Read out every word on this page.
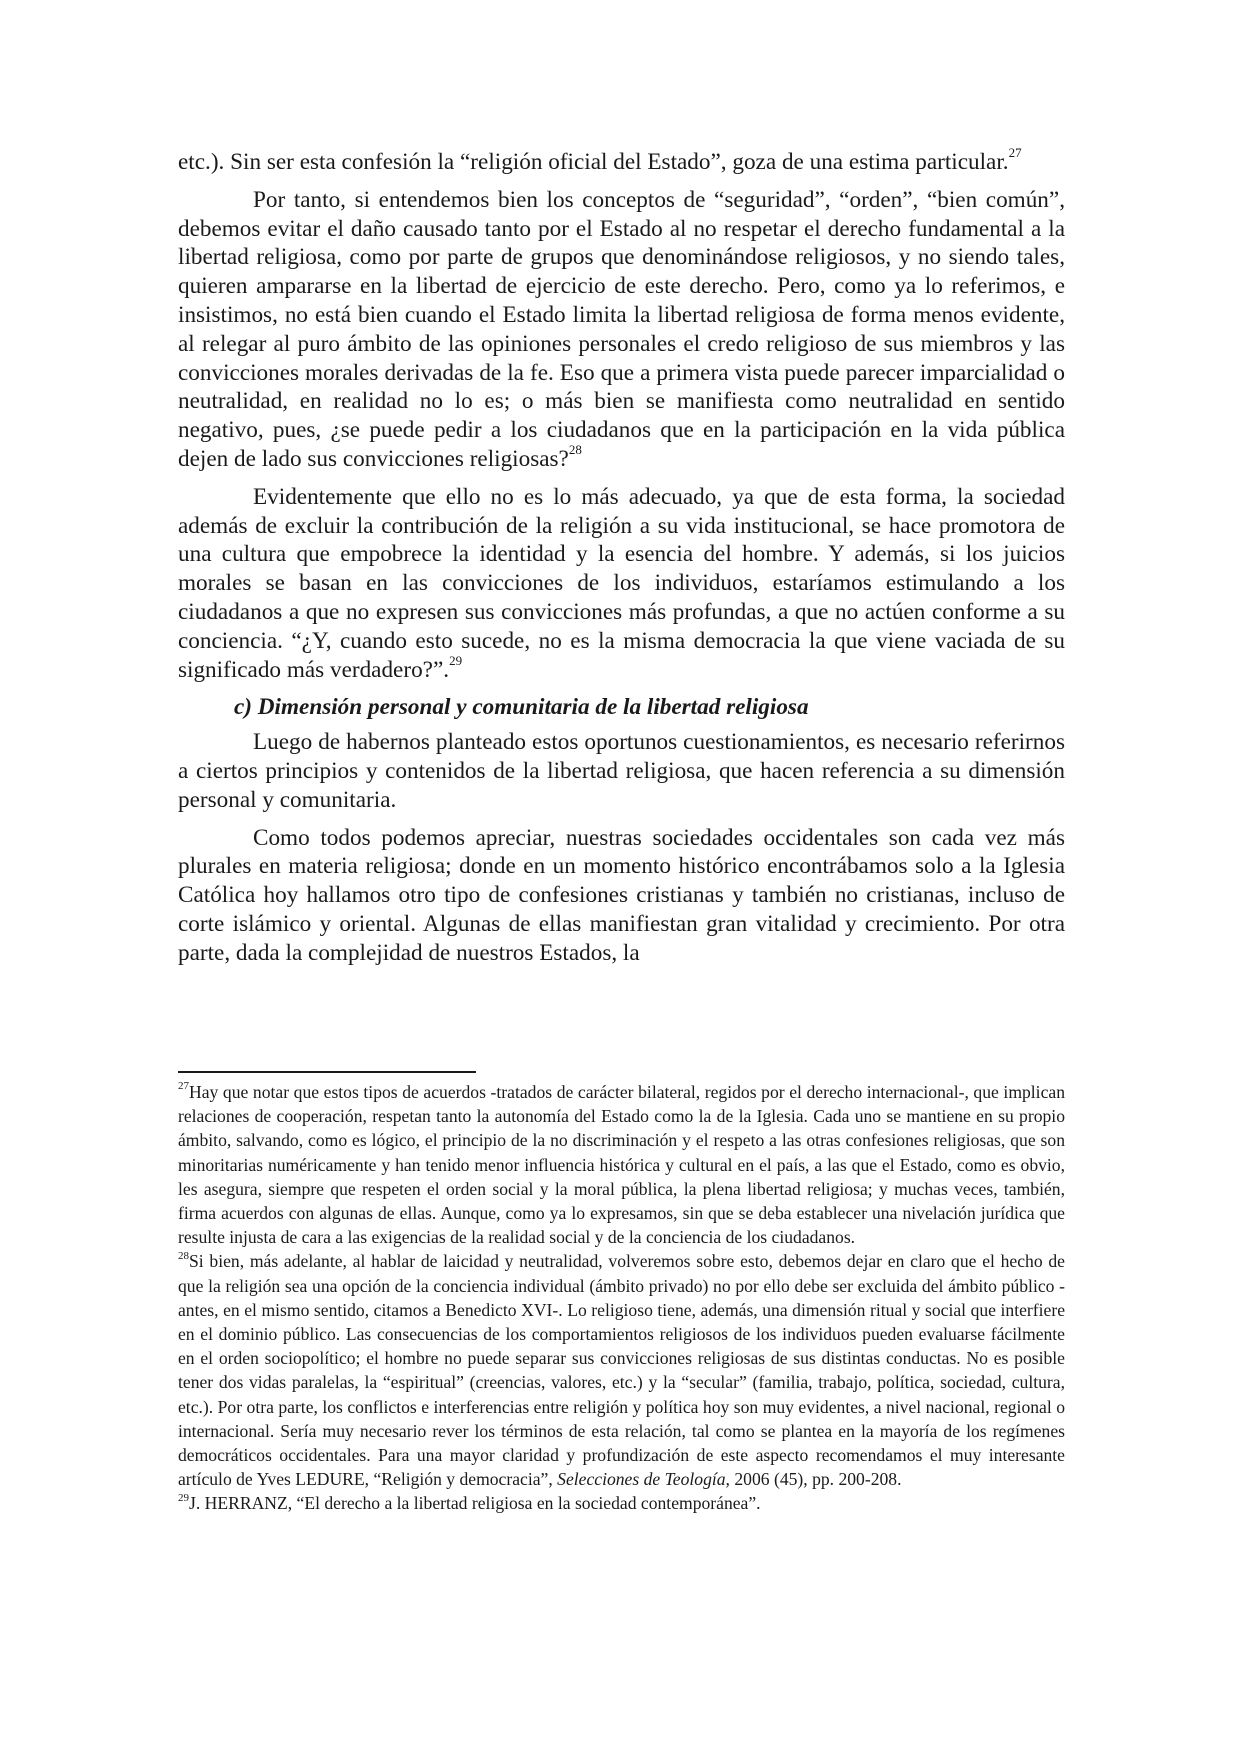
etc.). Sin ser esta confesión la “religión oficial del Estado”, goza de una estima particular.$^{27}$

Por tanto, si entendemos bien los conceptos de “seguridad”, “orden”, “bien común”, debemos evitar el daño causado tanto por el Estado al no respetar el derecho fundamental a la libertad religiosa, como por parte de grupos que denominándose religiosos, y no siendo tales, quieren ampararse en la libertad de ejercicio de este derecho. Pero, como ya lo referimos, e insistimos, no está bien cuando el Estado limita la libertad religiosa de forma menos evidente, al relegar al puro ámbito de las opiniones personales el credo religioso de sus miembros y las convicciones morales derivadas de la fe. Eso que a primera vista puede parecer imparcialidad o neutralidad, en realidad no lo es; o más bien se manifiesta como neutralidad en sentido negativo, pues, ¿se puede pedir a los ciudadanos que en la participación en la vida pública dejen de lado sus convicciones religiosas?$^{28}$

Evidentemente que ello no es lo más adecuado, ya que de esta forma, la sociedad además de excluir la contribución de la religión a su vida institucional, se hace promotora de una cultura que empobrece la identidad y la esencia del hombre. Y además, si los juicios morales se basan en las convicciones de los individuos, estaríamos estimulando a los ciudadanos a que no expresen sus convicciones más profundas, a que no actúen conforme a su conciencia. “¿Y, cuando esto sucede, no es la misma democracia la que viene vaciada de su significado más verdadero?”.$^{29}$

c) Dimensión personal y comunitaria de la libertad religiosa

Luego de habernos planteado estos oportunos cuestionamientos, es necesario referirnos a ciertos principios y contenidos de la libertad religiosa, que hacen referencia a su dimensión personal y comunitaria.

Como todos podemos apreciar, nuestras sociedades occidentales son cada vez más plurales en materia religiosa; donde en un momento histórico encontrábamos solo a la Iglesia Católica hoy hallamos otro tipo de confesiones cristianas y también no cristianas, incluso de corte islámico y oriental. Algunas de ellas manifiestan gran vitalidad y crecimiento. Por otra parte, dada la complejidad de nuestros Estados, la

$^{27}$Hay que notar que estos tipos de acuerdos -tratados de carácter bilateral, regidos por el derecho internacional-, que implican relaciones de cooperación, respetan tanto la autonomía del Estado como la de la Iglesia. Cada uno se mantiene en su propio ámbito, salvando, como es lógico, el principio de la no discriminación y el respeto a las otras confesiones religiosas, que son minoritarias numéricamente y han tenido menor influencia histórica y cultural en el país, a las que el Estado, como es obvio, les asegura, siempre que respeten el orden social y la moral pública, la plena libertad religiosa; y muchas veces, también, firma acuerdos con algunas de ellas. Aunque, como ya lo expresamos, sin que se deba establecer una nivelación jurídica que resulte injusta de cara a las exigencias de la realidad social y de la conciencia de los ciudadanos.

$^{28}$Si bien, más adelante, al hablar de laicidad y neutralidad, volveremos sobre esto, debemos dejar en claro que el hecho de que la religión sea una opción de la conciencia individual (ámbito privado) no por ello debe ser excluida del ámbito público -antes, en el mismo sentido, citamos a Benedicto XVI-. Lo religioso tiene, además, una dimensión ritual y social que interfiere en el dominio público. Las consecuencias de los comportamientos religiosos de los individuos pueden evaluarse fácilmente en el orden sociopolítico; el hombre no puede separar sus convicciones religiosas de sus distintas conductas. No es posible tener dos vidas paralelas, la “espiritual” (creencias, valores, etc.) y la “secular” (familia, trabajo, política, sociedad, cultura, etc.). Por otra parte, los conflictos e interferencias entre religión y política hoy son muy evidentes, a nivel nacional, regional o internacional. Sería muy necesario rever los términos de esta relación, tal como se plantea en la mayoría de los regímenes democráticos occidentales. Para una mayor claridad y profundización de este aspecto recomendamos el muy interesante artículo de Yves LEDURE, “Religión y democracia”, Selecciones de Teología, 2006 (45), pp. 200-208.

$^{29}$J. HERRANZ, “El derecho a la libertad religiosa en la sociedad contemporánea”.
